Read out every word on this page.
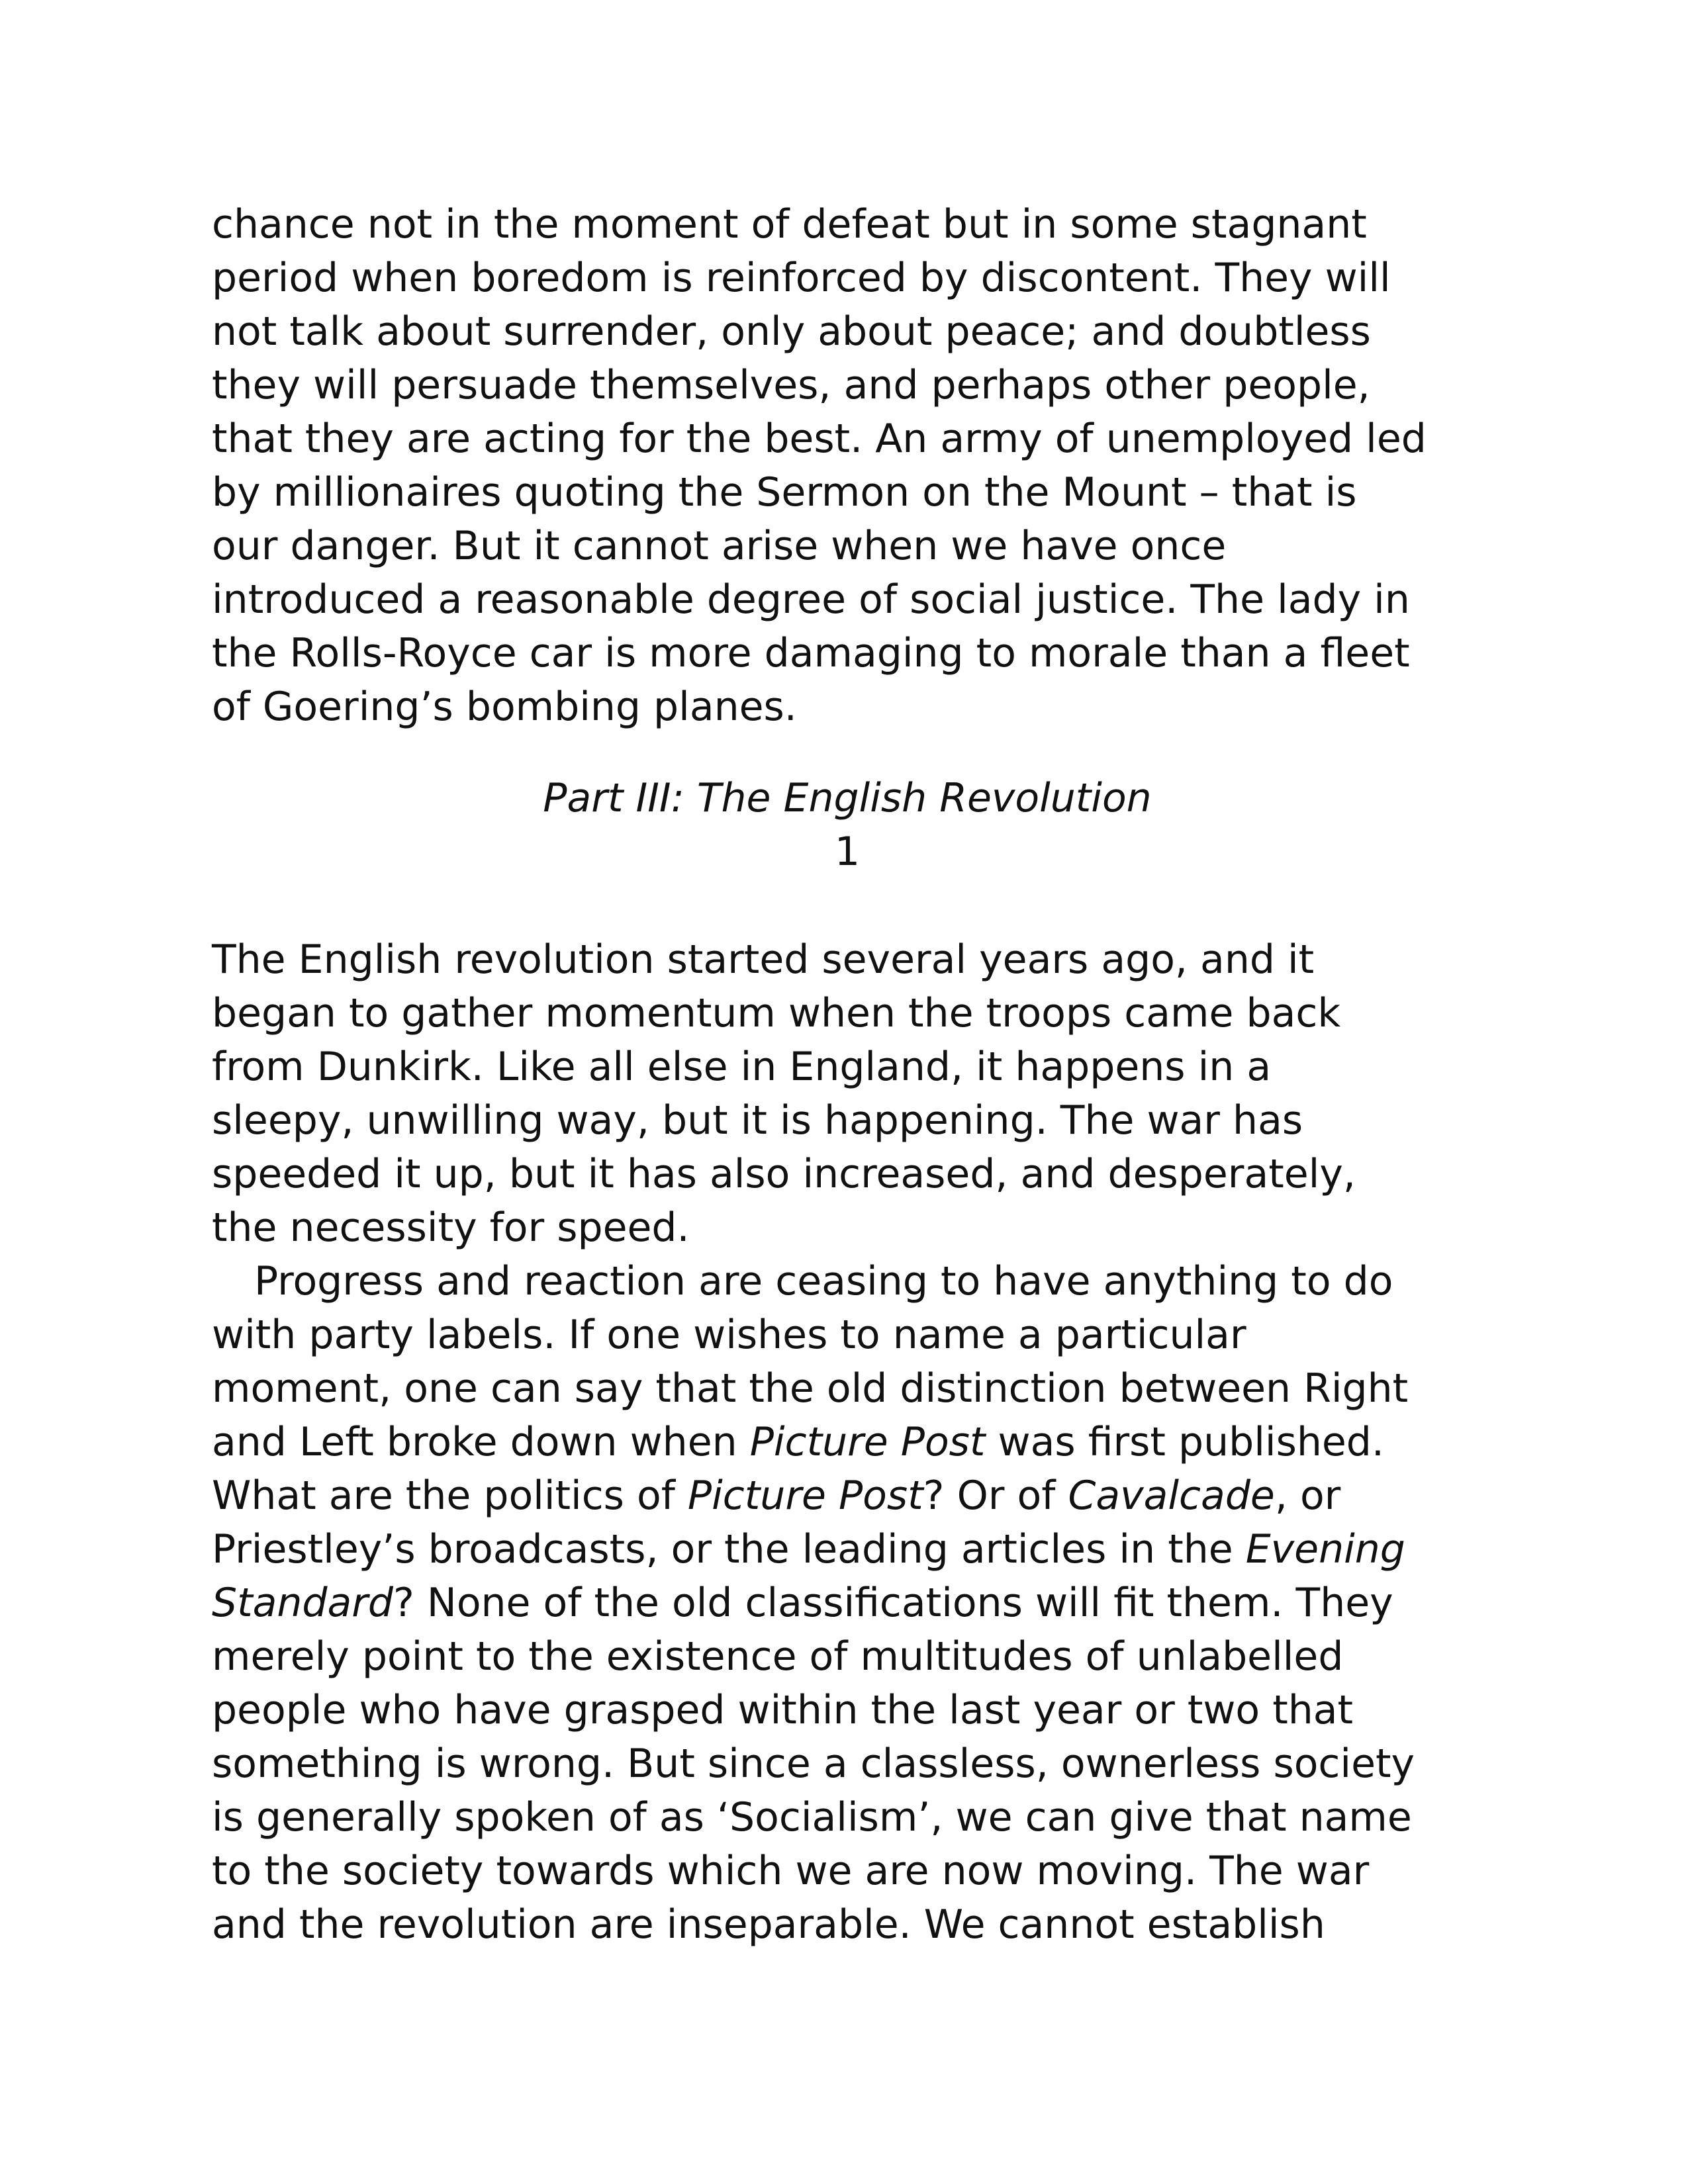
chance not in the moment of defeat but in some stagnant
period when boredom is reinforced by discontent. They will
not talk about surrender, only about peace; and doubtless
they will persuade themselves, and perhaps other people,
that they are acting for the best. An army of unemployed led
by millionaires quoting the Sermon on the Mount – that is
our danger. But it cannot arise when we have once
introduced a reasonable degree of social justice. The lady in
the Rolls-Royce car is more damaging to morale than a fleet
of Goering’s bombing planes.
Part III: The English Revolution
1
The English revolution started several years ago, and it
began to gather momentum when the troops came back
from Dunkirk. Like all else in England, it happens in a
sleepy, unwilling way, but it is happening. The war has
speeded it up, but it has also increased, and desperately,
the necessity for speed.
Progress and reaction are ceasing to have anything to do
with party labels. If one wishes to name a particular
moment, one can say that the old distinction between Right
and Left broke down when Picture Post was first published.
What are the politics of Picture Post? Or of Cavalcade, or
Priestley’s broadcasts, or the leading articles in the Evening
Standard? None of the old classifications will fit them. They
merely point to the existence of multitudes of unlabelled
people who have grasped within the last year or two that
something is wrong. But since a classless, ownerless society
is generally spoken of as ‘Socialism’, we can give that name
to the society towards which we are now moving. The war
and the revolution are inseparable. We cannot establish
